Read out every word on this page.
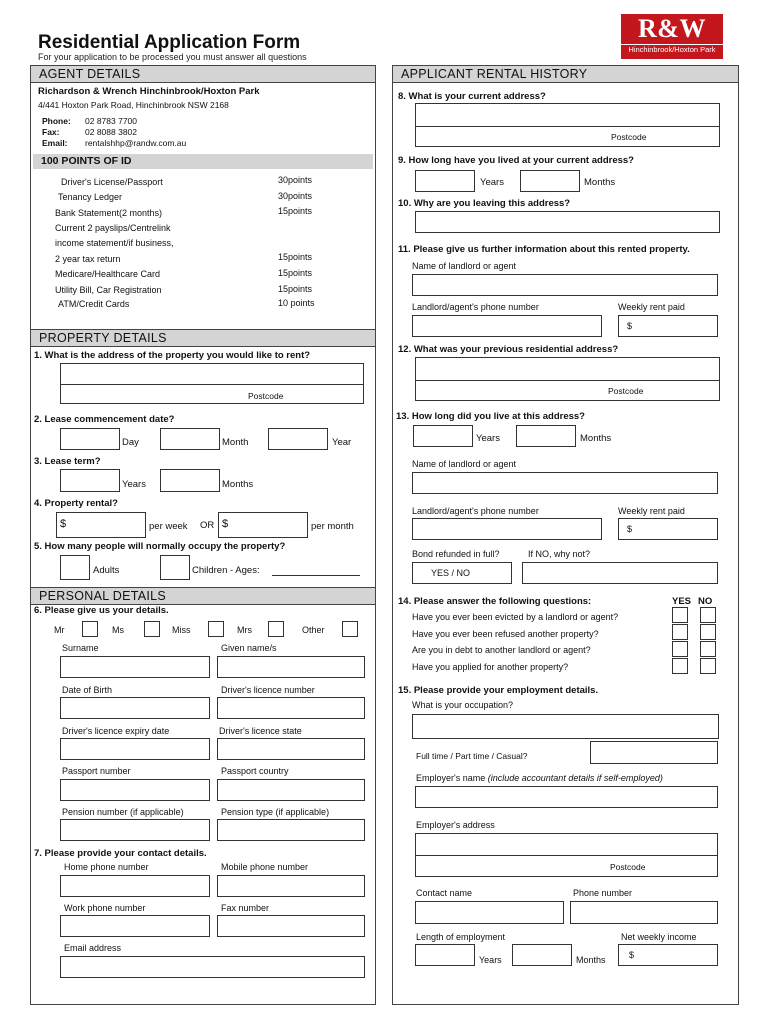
Residential Application Form
For your application to be processed you must answer all questions
R&W
Hinchinbrook/Hoxton Park
AGENT DETAILS
Richardson & Wrench Hinchinbrook/Hoxton Park
4/441 Hoxton Park Road, Hinchinbrook NSW 2168
Phone: 02 8783 7700
Fax:	02 8088 3802
Email: rentalshhp@randw.com.au
100 POINTS OF ID
Driver's License/Passport	30points
Tenancy Ledger	30points
Bank Statement(2 months)	15points
Current 2 payslips/Centrelink
income statement/if business,
2 year tax return	15points
Medicare/Healthcare Card	15points
Utility Bill, Car Registration	15points
ATM/Credit Cards	10 points
PROPERTY DETAILS
1. What is the address of the property you would like to rent?
Postcode
2. Lease commencement date?
Day	Month	Year
3. Lease term?
Years	Months
4. Property rental?
$	per week OR $	per month
5. How many people will normally occupy the property?
Adults	Children - Ages:
PERSONAL DETAILS
6. Please give us your details.
Mr	Ms	Miss	Mrs	Other
Surname	Given name/s
Date of Birth	Driver's licence number
Driver's licence expiry date	Driver's licence state
Passport number	Passport country
Pension number (if applicable)	Pension type (if applicable)
7. Please provide your contact details.
Home phone number	Mobile phone number
Work phone number	Fax number
Email address
APPLICANT RENTAL HISTORY
8. What is your current address?
Postcode
9. How long have you lived at your current address?
Years	Months
10. Why are you leaving this address?
11. Please give us further information about this rented property.
Name of landlord or agent
Landlord/agent's phone number	Weekly rent paid
$
12. What was your previous residential address?
Postcode
13. How long did you live at this address?
Years	Months
Name of landlord or agent
Landlord/agent's phone number	Weekly rent paid
$
Bond refunded in full?	If NO, why not?
YES / NO
14. Please answer the following questions:	YES NO
Have you ever been evicted by a landlord or agent?
Have you ever been refused another property?
Are you in debt to another landlord or agent?
Have you applied for another property?
15. Please provide your employment details.
What is your occupation?
Full time / Part time / Casual?
Employer's name (include accountant details if self-employed)
Employer's address
Postcode
Contact name	Phone number
Length of employment	Net weekly income
Years	Months	$
